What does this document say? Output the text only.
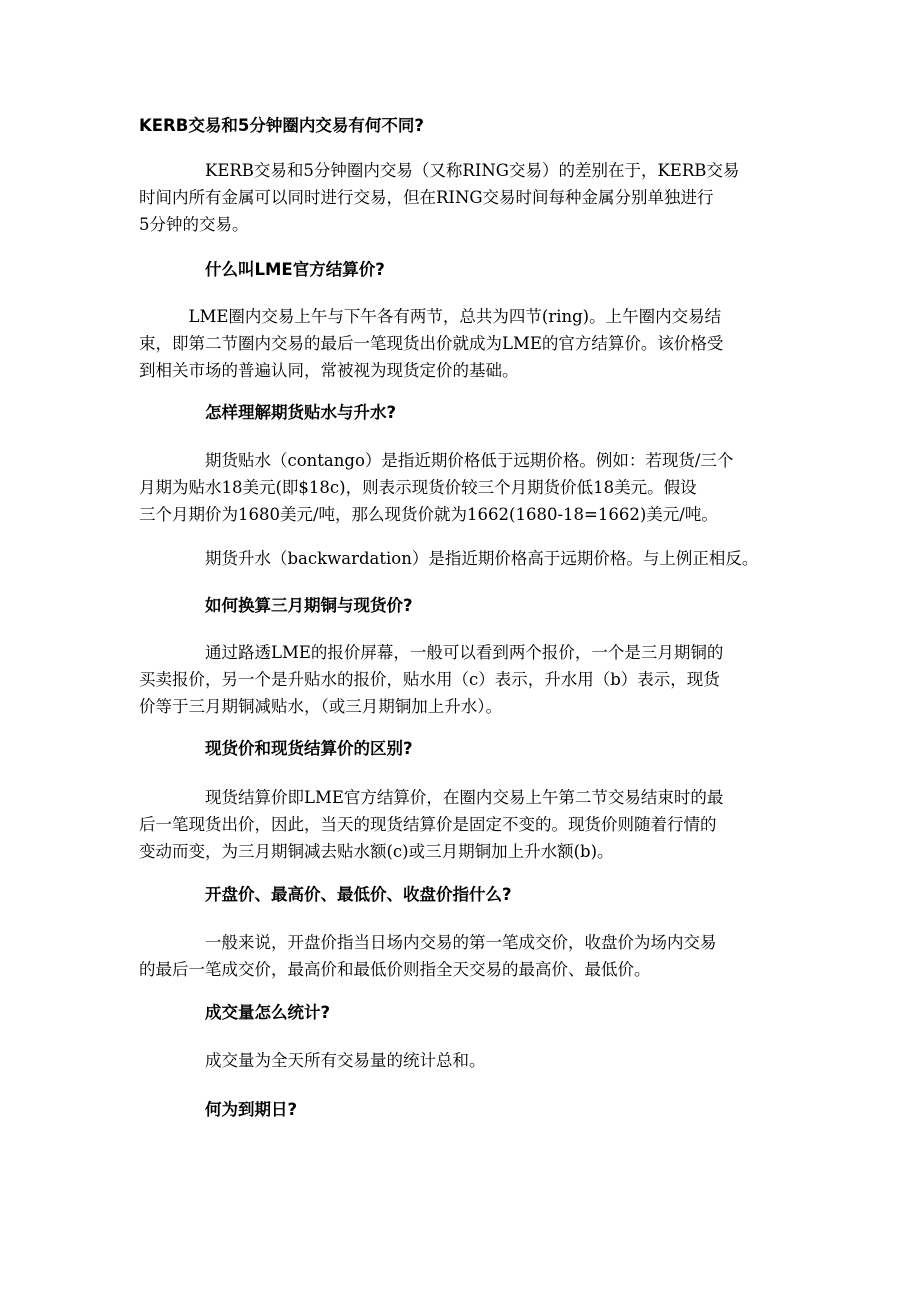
KERB交易和5分钟圈内交易有何不同?
　　　　KERB交易和5分钟圈内交易（又称RING交易）的差别在于，KERB交易
时间内所有金属可以同时进行交易，但在RING交易时间每种金属分别单独进行
5分钟的交易。
　　　　什么叫LME官方结算价?
　　　LME圈内交易上午与下午各有两节，总共为四节(ring)。上午圈内交易结
束，即第二节圈内交易的最后一笔现货出价就成为LME的官方结算价。该价格受
到相关市场的普遍认同，常被视为现货定价的基础。
　　　　怎样理解期货贴水与升水?
　　　　期货贴水（contango）是指近期价格低于远期价格。例如：若现货/三个
月期为贴水18美元(即$18c)，则表示现货价较三个月期货价低18美元。假设
三个月期价为1680美元/吨，那么现货价就为1662(1680-18=1662)美元/吨。
　　　　期货升水（backwardation）是指近期价格高于远期价格。与上例正相反。
　　　　如何换算三月期铜与现货价?
　　　　通过路透LME的报价屏幕，一般可以看到两个报价，一个是三月期铜的
买卖报价，另一个是升贴水的报价，贴水用（c）表示，升水用（b）表示，现货
价等于三月期铜减贴水，（或三月期铜加上升水）。
　　　　现货价和现货结算价的区别?
　　　　现货结算价即LME官方结算价，在圈内交易上午第二节交易结束时的最
后一笔现货出价，因此，当天的现货结算价是固定不变的。现货价则随着行情的
变动而变，为三月期铜减去贴水额(c)或三月期铜加上升水额(b)。
　　　　开盘价、最高价、最低价、收盘价指什么?
　　　　一般来说，开盘价指当日场内交易的第一笔成交价，收盘价为场内交易
的最后一笔成交价，最高价和最低价则指全天交易的最高价、最低价。
　　　　成交量怎么统计?
　　　　成交量为全天所有交易量的统计总和。
　　　　何为到期日?
